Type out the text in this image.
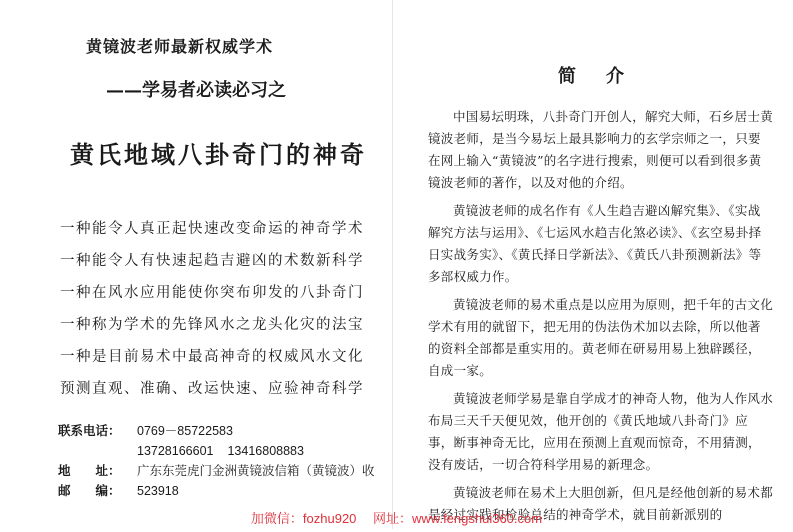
黄镜波老师最新权威学术
——学易者必读必习之
黄氏地域八卦奇门的神奇
一种能令人真正起快速改变命运的神奇学术
一种能令人有快速起趋吉避凶的术数新科学
一种在风水应用能使你突布卯发的八卦奇门
一种称为学术的先锋风水之龙头化灾的法宝
一种是目前易术中最高神奇的权威风水文化
预测直观、准确、改运快速、应验神奇科学
联系电话：	0769－85722583
13728166601 13416808883
地　　址：	广东东莞虎门金洲黄镜波信箱（黄镜波）收
邮　　编：	523918
简　介

中国易坛明珠，八卦奇门开创人，解究大师，石乡居士黄镜波老师，是当今易坛上最具影响力的玄学宗师之一，只要在网上输入“黄镜波”的名字进行搜索，则便可以看到很多黄镜波老师的著作，以及对他的介绍。

黄镜波老师的成名作有《人生趋吉避凶解究集》、《实战解究方法与运用》、《七运风水趋吉化煞必读》、《玄空易卦择日实战务实》、《黄氏择日学新法》、《黄氏八卦预测新法》等多部权威力作。

黄镜波老师的易术重点是以应用为原则，把千年的古文化学术有用的就留下，把无用的伪法伪术加以去除，所以他著的资料全部都是重实用的。黄老师在研易用易上独辟蹊径，自成一家。

黄镜波老师学易是靠自学成才的神奇人物，他为人作风水布局三天千天便见效，他开创的《黄氏地域八卦奇门》应事，断事神奇无比，应用在预测上直观而惊奇，不用猜测，没有废话，一切合符科学用易的新理念。

黄镜波老师在易术上大胆创新，但凡是经他创新的易术都是经过实践和检验总结的神奇学术，就目前新派别的

加微信：fozhu920　 网址：www.fengshui360.com
